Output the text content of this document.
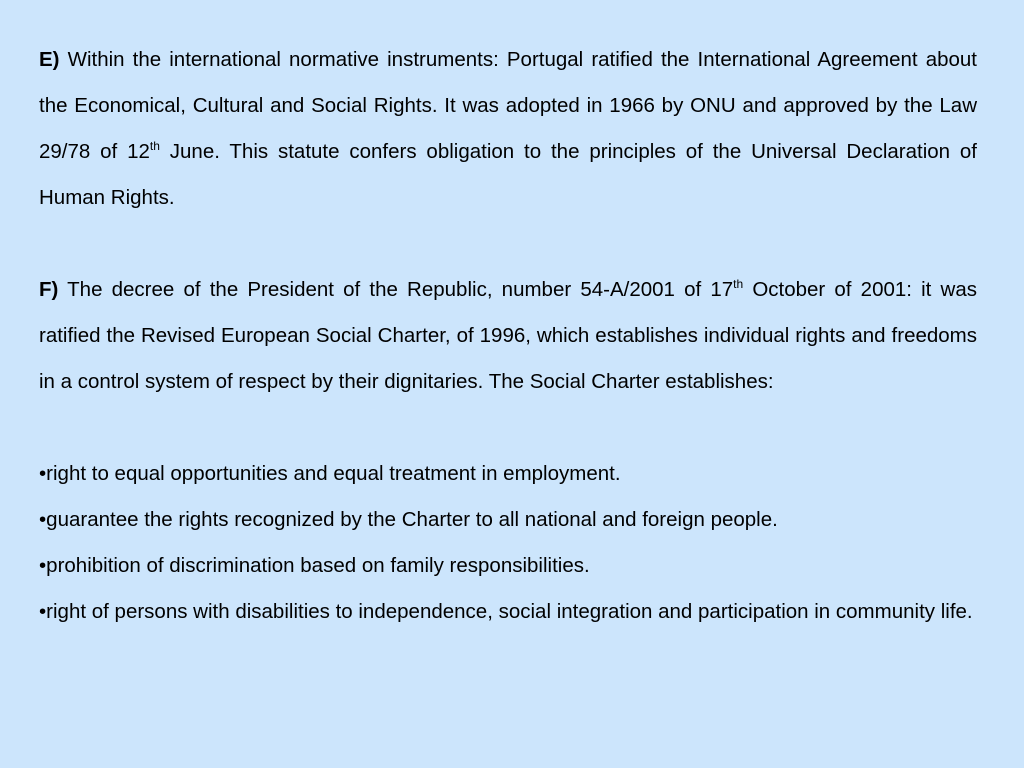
E) Within the international normative instruments: Portugal ratified the International Agreement about the Economical, Cultural and Social Rights. It was adopted in 1966 by ONU and approved by the Law 29/78 of 12th June. This statute confers obligation to the principles of the Universal Declaration of Human Rights.

F) The decree of the President of the Republic, number 54-A/2001 of 17th October of 2001: it was ratified the Revised European Social Charter, of 1996, which establishes individual rights and freedoms in a control system of respect by their dignitaries. The Social Charter establishes:

•right to equal opportunities and equal treatment in employment.
•guarantee the rights recognized by the Charter to all national and foreign people.
•prohibition of discrimination based on family responsibilities.
•right of persons with disabilities to independence, social integration and participation in community life.
